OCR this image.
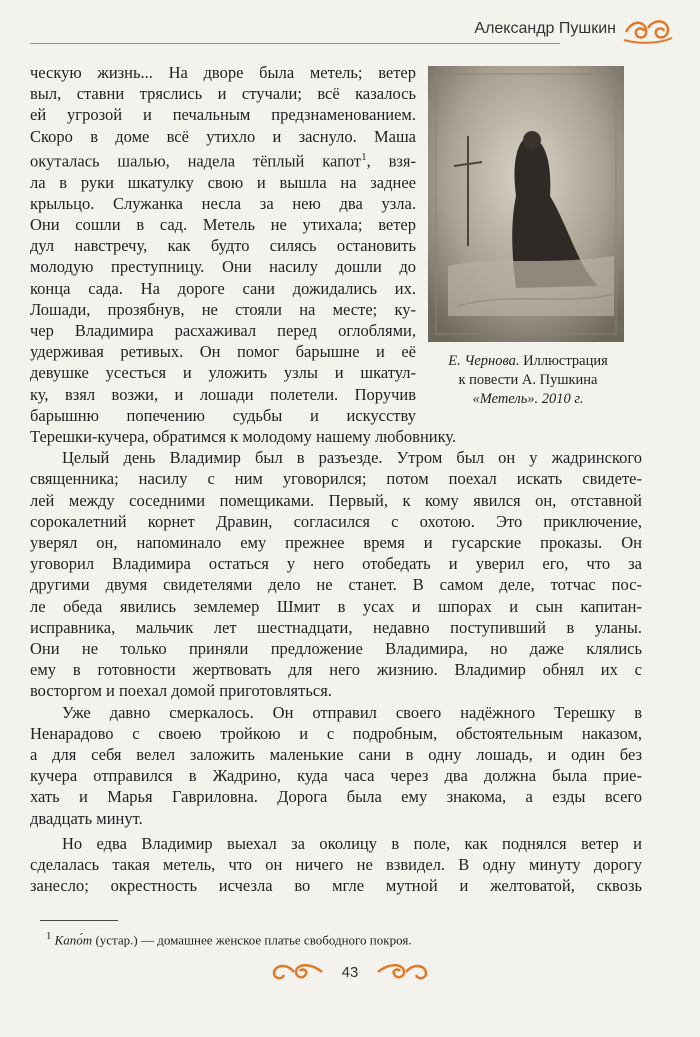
Александр Пушкин
Е. Чернова. Иллюстрация
к повести А. Пушкина
«Метель». 2010 г.

ческую жизнь... На дворе была метель; ветер
выл, ставни тряслись и стучали; всё казалось
ей угрозой и печальным предзнаменованием.
Скоро в доме всё утихло и заснуло. Маша
окуталась шалью, надела тёплый капот$^1$, взя-
ла в руки шкатулку свою и вышла на заднее
крыльцо. Служанка несла за нею два узла.
Они сошли в сад. Метель не утихала; ветер
дул навстречу, как будто силясь остановить
молодую преступницу. Они насилу дошли до
конца сада. На дороге сани дожидались их.
Лошади, прозябнув, не стояли на месте; ку-
чер Владимира расхаживал перед оглоблями,
удерживая ретивых. Он помог барышне и её
девушке усесться и уложить узлы и шкатул-
ку, взял возжи, и лошади полетели. Поручив
барышню попечению судьбы и искусству
Терешки-кучера, обратимся к молодому нашему любовнику.

Целый день Владимир был в разъезде. Утром был он у жадринского
священника; насилу с ним уговорился; потом поехал искать свидете-
лей между соседними помещиками. Первый, к кому явился он, отставной
сорокалетний корнет Дравин, согласился с охотою. Это приключение,
уверял он, напоминало ему прежнее время и гусарские проказы. Он
уговорил Владимира остаться у него отобедать и уверил его, что за
другими двумя свидетелями дело не станет. В самом деле, тотчас пос-
ле обеда явились землемер Шмит в усах и шпорах и сын капитан-
исправника, мальчик лет шестнадцати, недавно поступивший в уланы.
Они не только приняли предложение Владимира, но даже клялись
ему в готовности жертвовать для него жизнию. Владимир обнял их с
восторгом и поехал домой приготовляться.

Уже давно смеркалось. Он отправил своего надёжного Терешку в
Ненарадово с своею тройкою и с подробным, обстоятельным наказом,
а для себя велел заложить маленькие сани в одну лошадь, и один без
кучера отправился в Жадрино, куда часа через два должна была прие-
хать и Марья Гавриловна. Дорога была ему знакома, а езды всего
двадцать минут.

Но едва Владимир выехал за околицу в поле, как поднялся ветер и
сделалась такая метель, что он ничего не взвидел. В одну минуту дорогу
занесло; окрестность исчезла во мгле мутной и желтоватой, сквозь

$^1$ Капо́т (устар.) — домашнее женское платье свободного покроя.
43
